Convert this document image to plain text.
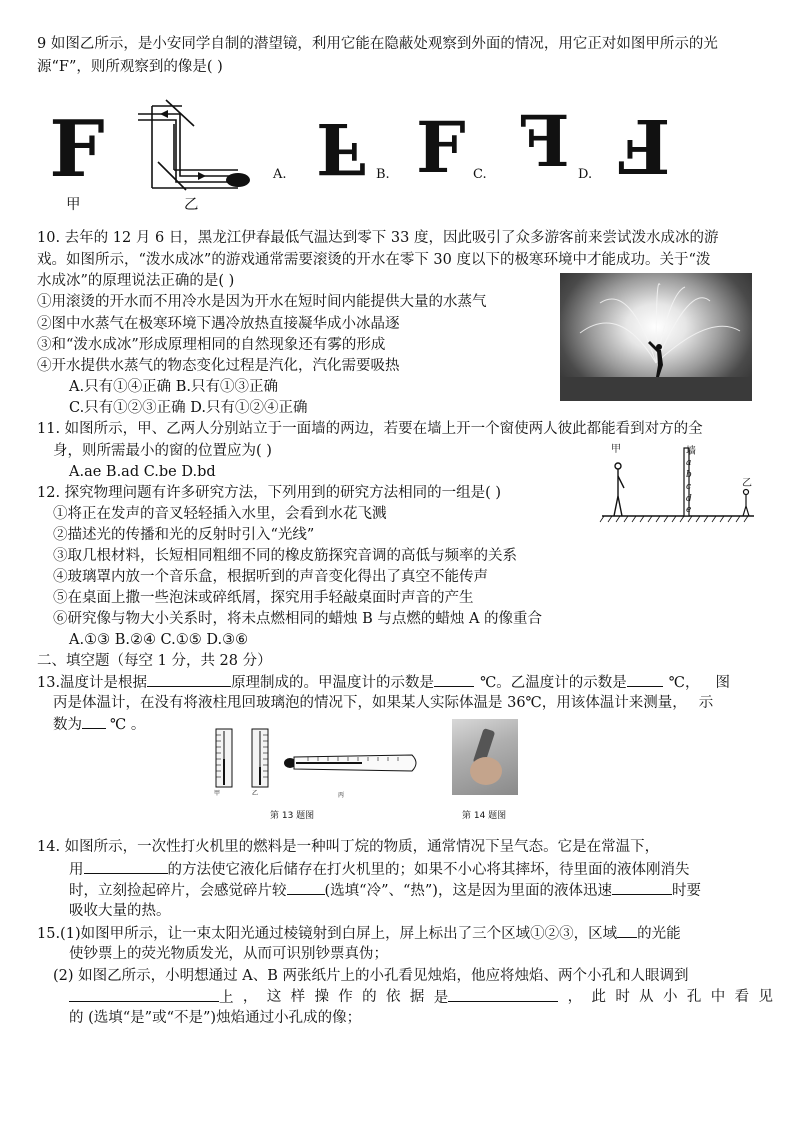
9 如图乙所示，是小安同学自制的潜望镜，利用它能在隐蔽处观察到外面的情况，用它正对如图甲所示的光
源“F”，则所观察到的像是( )
F
甲	乙
A. F B. F C. F D. F
10. 去年的 12 月 6 日，黑龙江伊春最低气温达到零下 33 度，因此吸引了众多游客前来尝试泼水成冰的游
戏。如图所示，“泼水成冰”的游戏通常需要滚烫的开水在零下 30 度以下的极寒环境中才能成功。关于“泼
水成冰”的原理说法正确的是( )
①用滚烫的开水而不用冷水是因为开水在短时间内能提供大量的水蒸气
②图中水蒸气在极寒环境下遇冷放热直接凝华成小冰晶逐
③和“泼水成冰”形成原理相同的自然现象还有雾的形成
④开水提供水蒸气的物态变化过程是汽化，汽化需要吸热
A.只有①④正确 B.只有①③正确
C.只有①②③正确 D.只有①②④正确
11. 如图所示，甲、乙两人分别站立于一面墙的两边，若要在墙上开一个窗使两人彼此都能看到对方的全
身，则所需最小的窗的位置应为( )
A.ae B.ad C.be D.bd
甲	墙
乙
a
b
c
d
e
12. 探究物理问题有许多研究方法，下列用到的研究方法相同的一组是( )
①将正在发声的音叉轻轻插入水里，会看到水花飞溅
②描述光的传播和光的反射时引入“光线”
③取几根材料，长短相同粗细不同的橡皮筋探究音调的高低与频率的关系
④玻璃罩内放一个音乐盒，根据听到的声音变化得出了真空不能传声
⑤在桌面上撒一些泡沫或碎纸屑，探究用手轻敲桌面时声音的产生
⑥研究像与物大小关系时，将未点燃相同的蜡烛 B 与点燃的蜡烛 A 的像重合
A.①③ B.②④ C.①⑤ D.③⑥
二、填空题（每空 1 分，共 28 分）
13.温度计是根据	原理制成的。甲温度计的示数是	℃。乙温度计的示数是	℃， 图
丙是体温计，在没有将液柱甩回玻璃泡的情况下，如果某人实际体温是 36℃，用该体温计来测量， 示
数为 ℃ 。
甲	乙	丙
第 13 题图	第 14 题图
14. 如图所示，一次性打火机里的燃料是一种叫丁烷的物质，通常情况下呈气态。它是在常温下，
用	的方法使它液化后储存在打火机里的；如果不小心将其摔坏，待里面的液体刚消失
时，立刻捡起碎片，会感觉碎片较	(选填“冷”、“热”)，这是因为里面的液体迅速	时要
吸收大量的热。
15.(1)如图甲所示，让一束太阳光通过棱镜射到白屏上，屏上标出了三个区域①②③，区域 的光能
使钞票上的荧光物质发光，从而可识别钞票真伪；
(2) 如图乙所示，小明想通过 A、B 两张纸片上的小孔看见烛焰，他应将烛焰、两个小孔和人眼调到
上 ， 这 样 操 作 的 依 据 是	， 此 时 从 小 孔 中 看 见
的 (选填“是”或“不是”)烛焰通过小孔成的像；
